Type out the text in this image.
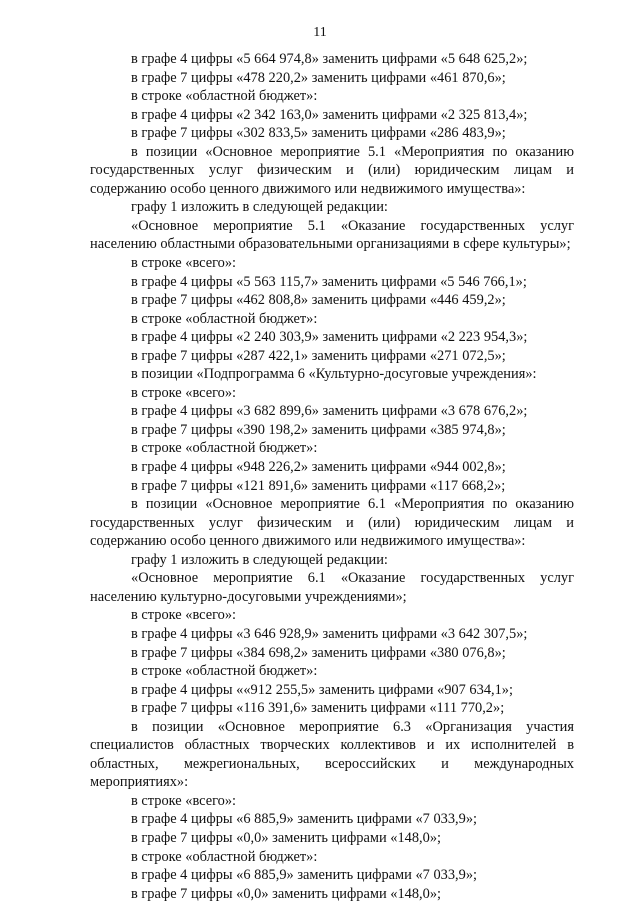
11

в графе 4 цифры «5 664 974,8» заменить цифрами «5 648 625,2»;

в графе 7 цифры «478 220,2» заменить цифрами «461 870,6»;

в строке «областной бюджет»:

в графе 4 цифры «2 342 163,0» заменить цифрами «2 325 813,4»;

в графе 7 цифры «302 833,5» заменить цифрами «286 483,9»;

в позиции «Основное мероприятие 5.1 «Мероприятия по оказанию государственных услуг физическим и (или) юридическим лицам и содержанию особо ценного движимого или недвижимого имущества»:

графу 1 изложить в следующей редакции:

«Основное мероприятие 5.1 «Оказание государственных услуг населению областными образовательными организациями в сфере культуры»;

в строке «всего»:

в графе 4 цифры «5 563 115,7» заменить цифрами «5 546 766,1»;

в графе 7 цифры «462 808,8» заменить цифрами «446 459,2»;

в строке «областной бюджет»:

в графе 4 цифры «2 240 303,9» заменить цифрами «2 223 954,3»;

в графе 7 цифры «287 422,1» заменить цифрами «271 072,5»;

в позиции «Подпрограмма 6 «Культурно-досуговые учреждения»:

в строке «всего»:

в графе 4 цифры «3 682 899,6» заменить цифрами «3 678 676,2»;

в графе 7 цифры «390 198,2» заменить цифрами «385 974,8»;

в строке «областной бюджет»:

в графе 4 цифры «948 226,2» заменить цифрами «944 002,8»;

в графе 7 цифры «121 891,6» заменить цифрами «117 668,2»;

в позиции «Основное мероприятие 6.1 «Мероприятия по оказанию государственных услуг физическим и (или) юридическим лицам и содержанию особо ценного движимого или недвижимого имущества»:

графу 1 изложить в следующей редакции:

«Основное мероприятие 6.1 «Оказание государственных услуг населению культурно-досуговыми учреждениями»;

в строке «всего»:

в графе 4 цифры «3 646 928,9» заменить цифрами «3 642 307,5»;

в графе 7 цифры «384 698,2» заменить цифрами «380 076,8»;

в строке «областной бюджет»:

в графе 4 цифры ««912 255,5» заменить цифрами «907 634,1»;

в графе 7 цифры «116 391,6» заменить цифрами «111 770,2»;

в позиции «Основное мероприятие 6.3 «Организация участия специалистов областных творческих коллективов и их исполнителей в областных, межрегиональных, всероссийских и международных мероприятиях»:

в строке «всего»:

в графе 4 цифры «6 885,9» заменить цифрами «7 033,9»;

в графе 7 цифры «0,0» заменить цифрами «148,0»;

в строке «областной бюджет»:

в графе 4 цифры «6 885,9» заменить цифрами «7 033,9»;

в графе 7 цифры «0,0» заменить цифрами «148,0»;
